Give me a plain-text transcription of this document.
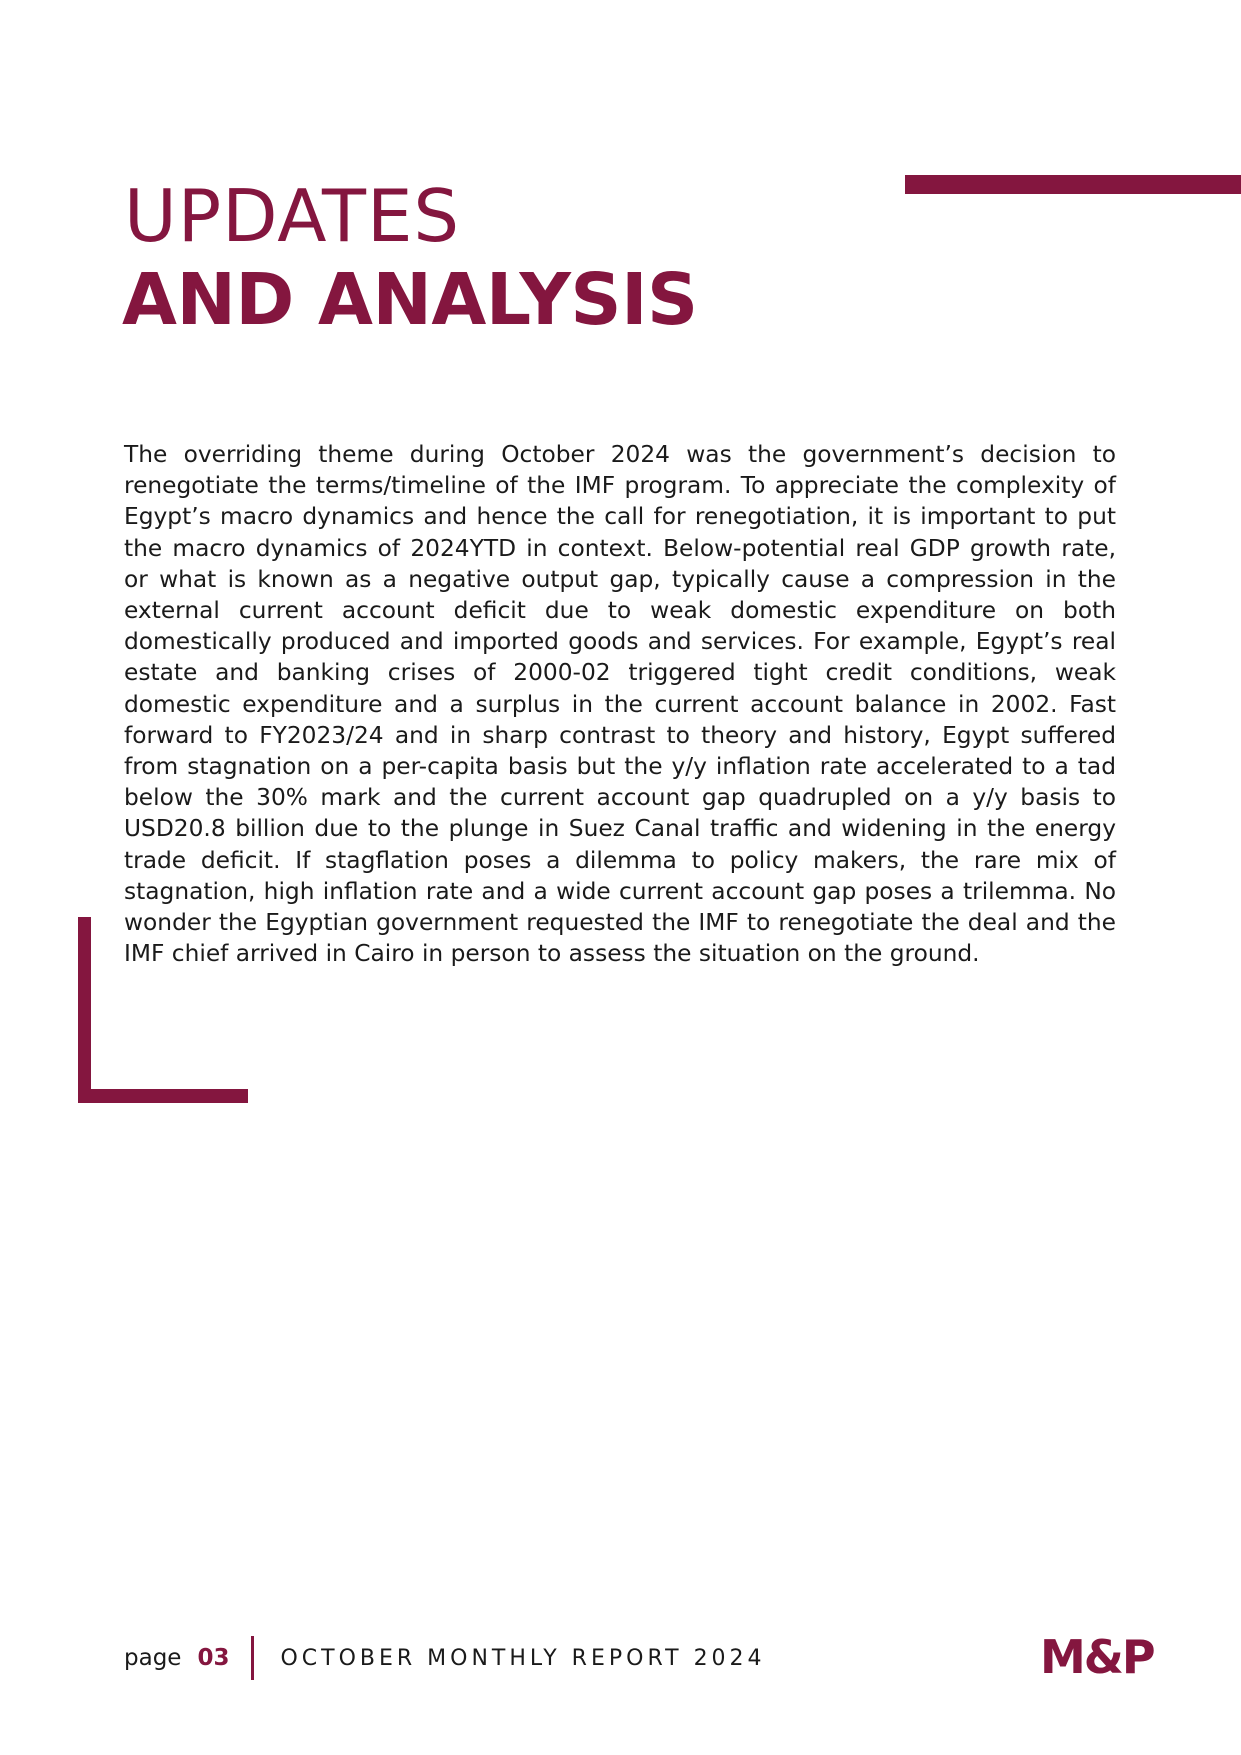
UPDATES
AND ANALYSIS

The overriding theme during October 2024 was the government’s decision to renegotiate the terms/timeline of the IMF program. To appreciate the complexity of Egypt’s macro dynamics and hence the call for renegotiation, it is important to put the macro dynamics of 2024YTD in context. Below-potential real GDP growth rate, or what is known as a negative output gap, typically cause a compression in the external current account deficit due to weak domestic expenditure on both domestically produced and imported goods and services. For example, Egypt’s real estate and banking crises of 2000-02 triggered tight credit conditions, weak domestic expenditure and a surplus in the current account balance in 2002. Fast forward to FY2023/24 and in sharp contrast to theory and history, Egypt suffered from stagnation on a per-capita basis but the y/y inflation rate accelerated to a tad below the 30% mark and the current account gap quadrupled on a y/y basis to USD20.8 billion due to the plunge in Suez Canal traffic and widening in the energy trade deficit. If stagflation poses a dilemma to policy makers, the rare mix of stagnation, high inflation rate and a wide current account gap poses a trilemma. No wonder the Egyptian government requested the IMF to renegotiate the deal and the IMF chief arrived in Cairo in person to assess the situation on the ground.

page 03 OCTOBER MONTHLY REPORT 2024	M&P
